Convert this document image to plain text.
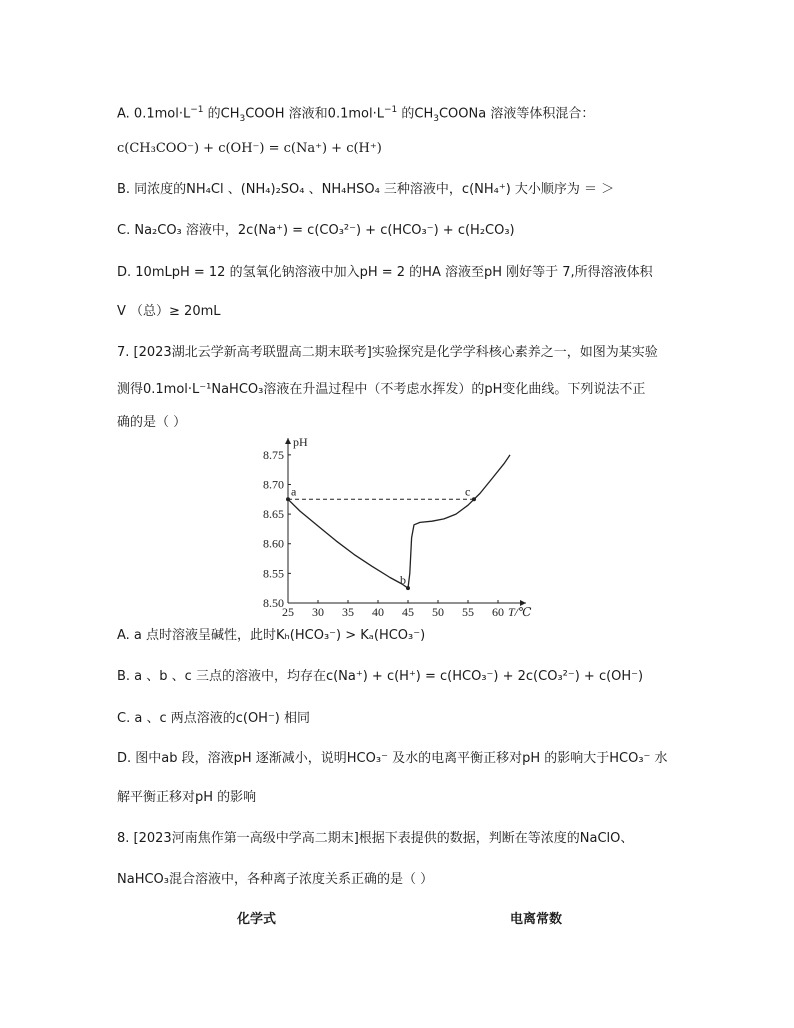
A. $0.1mol\cdot L^{-1}$ 的$CH_3COOH$ 溶液和$0.1mol\cdot L^{-1}$ 的$CH_3COONa$ 溶液等体积混合：
c(CH₃COO⁻) + c(OH⁻) = c(Na⁺) + c(H⁺)
B. 同浓度的NH₄Cl 、(NH₄)₂SO₄ 、NH₄HSO₄ 三种溶液中，c(NH₄⁺) 大小顺序为 ＝ ＞
C. Na₂CO₃ 溶液中，2c(Na⁺) = c(CO₃²⁻) + c(HCO₃⁻) + c(H₂CO₃)
D. 10mLpH = 12 的氢氧化钠溶液中加入pH = 2 的HA 溶液至pH 刚好等于 7,所得溶液体积
V （总）≥ 20mL
7. [2023湖北云学新高考联盟高二期末联考]实验探究是化学学科核心素养之一，如图为某实验
测得0.1mol·L⁻¹NaHCO₃溶液在升温过程中（不考虑水挥发）的pH变化曲线。下列说法不正
确的是（ ）
pH
T/℃
25 30 35 40 45 50 55 60
8.50
8.55
8.60
8.65
8.70
8.75
a
b
c
A. a 点时溶液呈碱性，此时Kₕ(HCO₃⁻) > Kₐ(HCO₃⁻)
B. a 、b 、c 三点的溶液中，均存在c(Na⁺) + c(H⁺) = c(HCO₃⁻) + 2c(CO₃²⁻) + c(OH⁻)
C. a 、c 两点溶液的c(OH⁻) 相同
D. 图中ab 段，溶液pH 逐渐减小，说明HCO₃⁻ 及水的电离平衡正移对pH 的影响大于HCO₃⁻ 水
解平衡正移对pH 的影响
8. [2023河南焦作第一高级中学高二期末]根据下表提供的数据，判断在等浓度的NaClO、
NaHCO₃混合溶液中，各种离子浓度关系正确的是（ ）
化学式	电离常数
